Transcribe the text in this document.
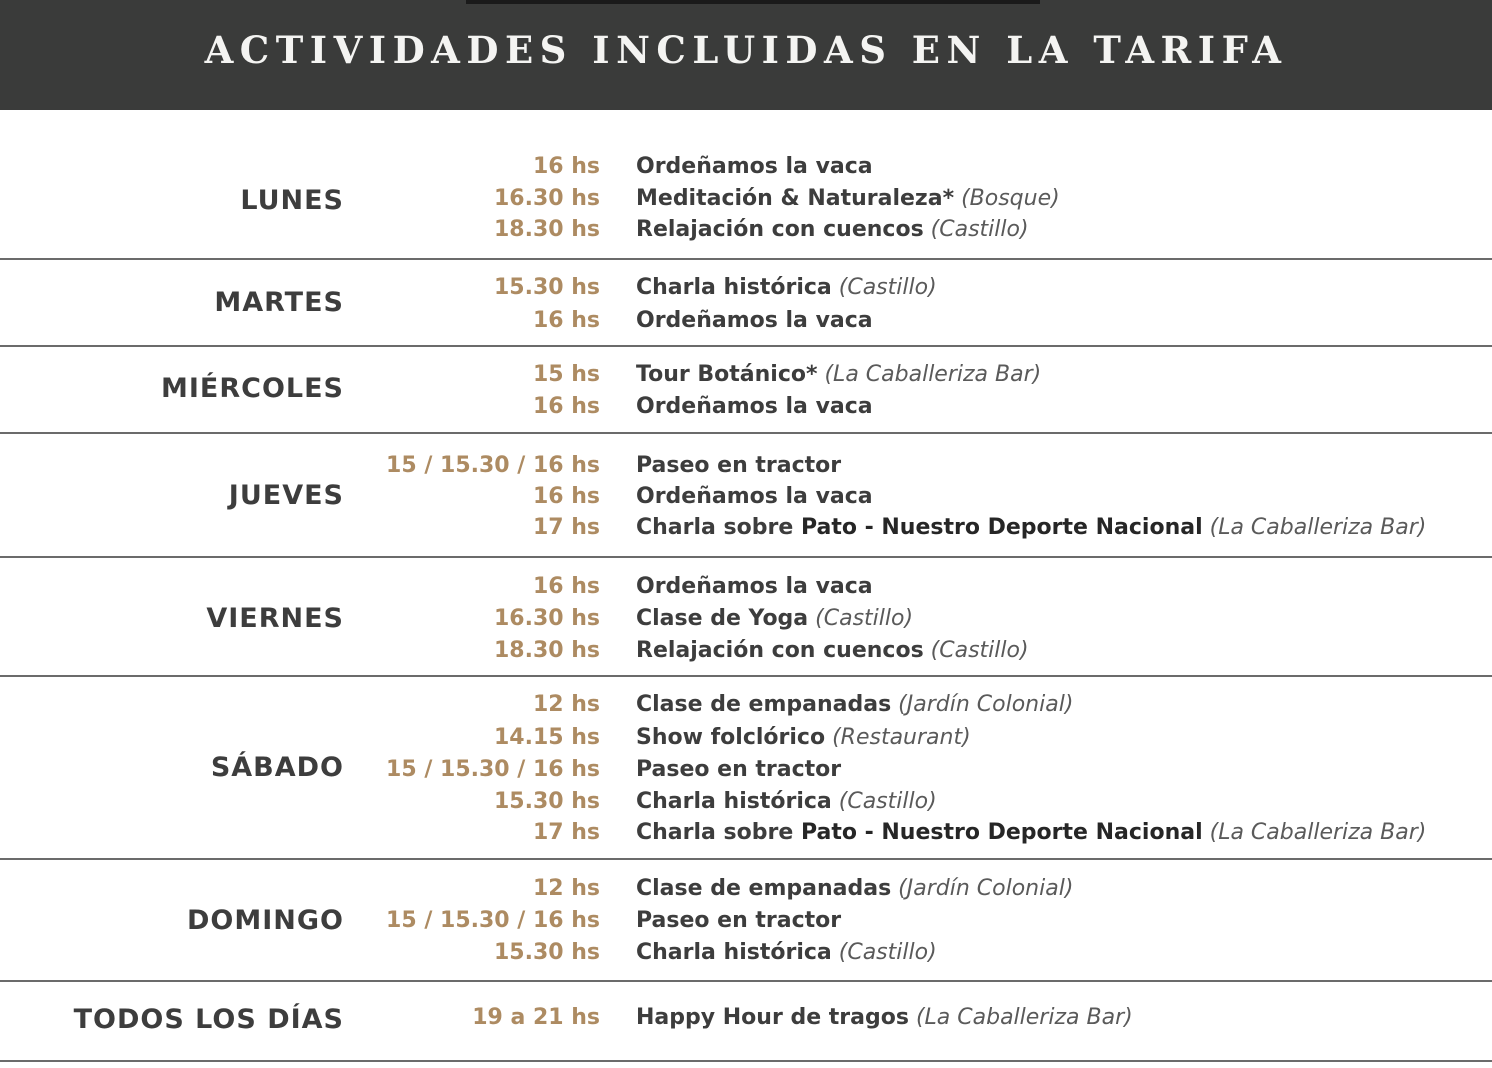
ACTIVIDADES INCLUIDAS EN LA TARIFA
LUNES
16 hs Ordeñamos la vaca
16.30 hs Meditación & Naturaleza* (Bosque)
18.30 hs Relajación con cuencos (Castillo)
MARTES	15.30 hs Charla histórica (Castillo)
16 hs Ordeñamos la vaca
MIÉRCOLES	15 hs Tour Botánico* (La Caballeriza Bar)
16 hs Ordeñamos la vaca
JUEVES
15 / 15.30 / 16 hs Paseo en tractor
16 hs Ordeñamos la vaca
17 hs Charla sobre Pato - Nuestro Deporte Nacional (La Caballeriza Bar)
VIERNES
16 hs Ordeñamos la vaca
16.30 hs Clase de Yoga (Castillo)
18.30 hs Relajación con cuencos (Castillo)
SÁBADO
12 hs Clase de empanadas (Jardín Colonial)
14.15 hs Show folclórico (Restaurant)
15 / 15.30 / 16 hs Paseo en tractor
15.30 hs Charla histórica (Castillo)
17 hs Charla sobre Pato - Nuestro Deporte Nacional (La Caballeriza Bar)
DOMINGO
12 hs Clase de empanadas (Jardín Colonial)
15 / 15.30 / 16 hs Paseo en tractor
15.30 hs Charla histórica (Castillo)
TODOS LOS DÍAS	19 a 21 hs Happy Hour de tragos (La Caballeriza Bar)
